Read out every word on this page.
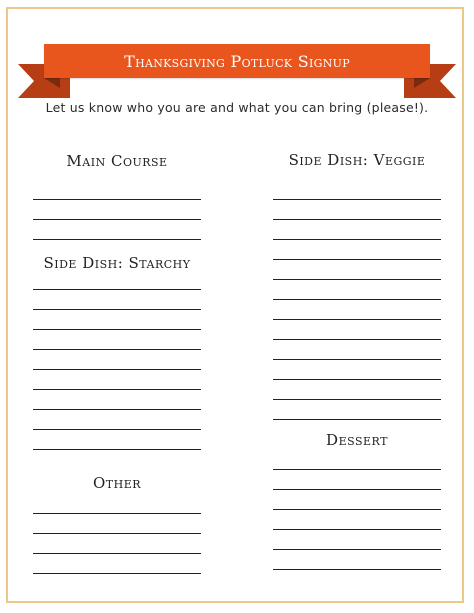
Thanksgiving Potluck Signup
Let us know who you are and what you can bring (please!).
Main Course
Side Dish: Starchy
Other
Side Dish: Veggie
Dessert
